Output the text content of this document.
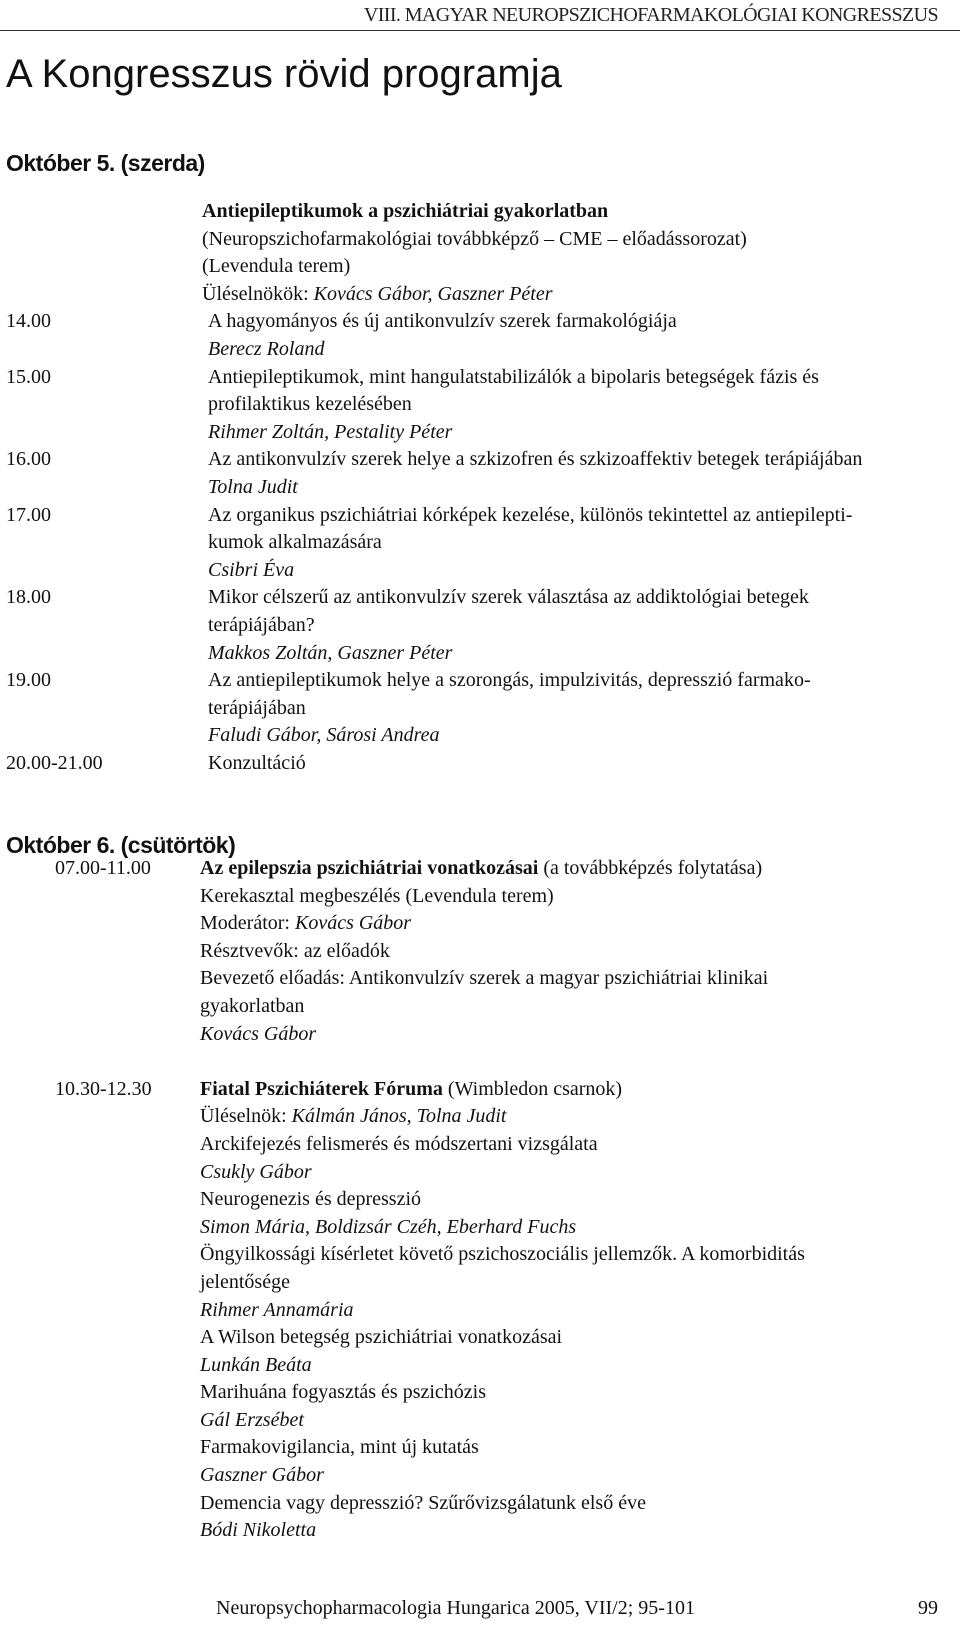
VIII. MAGYAR NEUROPSZICHOFARMAKOLÓGIAI KONGRESSZUS
A Kongresszus rövid programja
Október 5. (szerda)
Antiepileptikumok a pszichiátriai gyakorlatban
(Neuropszichofarmakológiai továbbképző – CME – előadássorozat)
(Levendula terem)
Üléselnökök: Kovács Gábor, Gaszner Péter
14.00	A hagyományos és új antikonvulzív szerek farmakológiája
Berecz Roland
15.00	Antiepileptikumok, mint hangulatstabilizálók a bipolaris betegségek fázis és
profilaktikus kezelésében
Rihmer Zoltán, Pestality Péter
16.00	Az antikonvulzív szerek helye a szkizofren és szkizoaffektiv betegek terápiájában
Tolna Judit
17.00	Az organikus pszichiátriai kórképek kezelése, különös tekintettel az antiepilepti-
kumok alkalmazására
Csibri Éva
18.00	Mikor célszerű az antikonvulzív szerek választása az addiktológiai betegek
terápiájában?
Makkos Zoltán, Gaszner Péter
19.00	Az antiepileptikumok helye a szorongás, impulzivitás, depresszió farmako-
terápiájában
Faludi Gábor, Sárosi Andrea
20.00-21.00	Konzultáció
Október 6. (csütörtök)
07.00-11.00	Az epilepszia pszichiátriai vonatkozásai (a továbbképzés folytatása)
Kerekasztal megbeszélés (Levendula terem)
Moderátor: Kovács Gábor
Résztvevők: az előadók
Bevezető előadás: Antikonvulzív szerek a magyar pszichiátriai klinikai
gyakorlatban
Kovács Gábor
10.30-12.30	Fiatal Pszichiáterek Fóruma (Wimbledon csarnok)
Üléselnök: Kálmán János, Tolna Judit
Arckifejezés felismerés és módszertani vizsgálata
Csukly Gábor
Neurogenezis és depresszió
Simon Mária, Boldizsár Czéh, Eberhard Fuchs
Öngyilkossági kísérletet követő pszichoszociális jellemzők. A komorbiditás
jelentősége
Rihmer Annamária
A Wilson betegség pszichiátriai vonatkozásai
Lunkán Beáta
Marihuána fogyasztás és pszichózis
Gál Erzsébet
Farmakovigilancia, mint új kutatás
Gaszner Gábor
Demencia vagy depresszió? Szűrővizsgálatunk első éve
Bódi Nikoletta
Neuropsychopharmacologia Hungarica 2005, VII/2; 95-101	99
